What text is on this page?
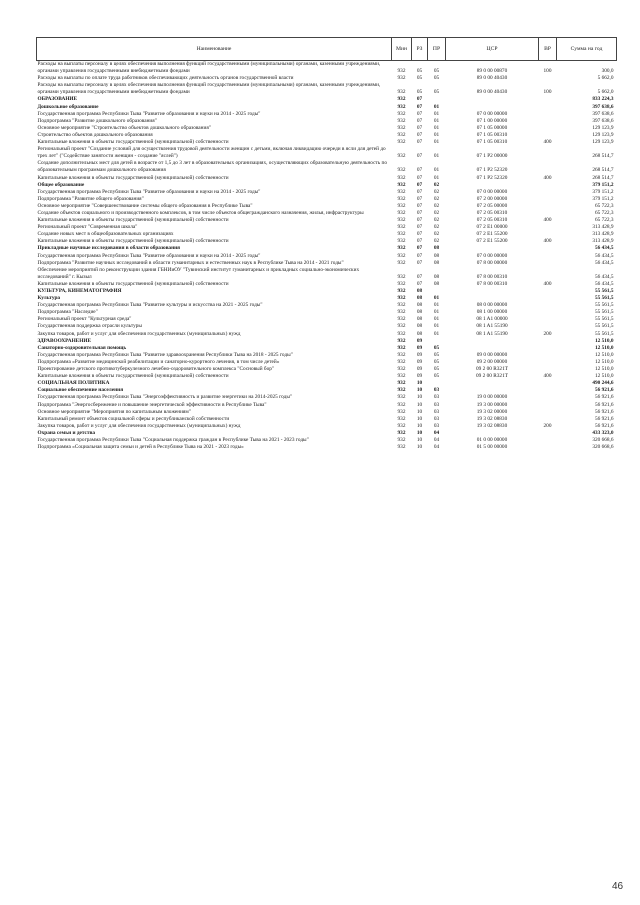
Наименование	Мин	РЗ	ПР	ЦСР	ВР	Сумма на год
Расходы на выплаты персоналу в целях обеспечения выполнения функций государственными (муниципальными) органами, казенными учреждениями, органами управления государственными внебюджетными фондами	932	05	05	89 0 00 00870	100	300,0
Расходы на выплаты по оплате труда работников обеспечивающих деятельность органов государственной власти	932	05	05	89 0 00 40430		5 662,0
Расходы на выплаты персоналу в целях обеспечения выполнения функций государственными (муниципальными) органами, казенными учреждениями, органами управления государственными внебюджетными фондами	932	05	05	89 0 00 40430	100	5 662,0
ОБРАЗОВАНИЕ	932	07				833 224,3
Дошкольное образование	932	07	01			397 638,6
Государственная программа Республики Тыва "Развитие образования и науки на 2014 - 2025 годы"	932	07	01	07 0 00 00000		397 638,6
Подпрограмма "Развитие дошкольного образования"	932	07	01	07 1 00 00000		397 638,6
Основное мероприятие "Строительство объектов дошкольного образования"	932	07	01	07 1 05 00000		129 123,9
Строительство объектов дошкольного образования	932	07	01	07 1 05 00310		129 123,9
Капитальные вложения в объекты государственной (муниципальной) собственности	932	07	01	07 1 05 00310	400	129 123,9
Региональный проект "Создание условий для осуществления трудовой деятельности женщин с детьми, включая ликвидацию очереди в ясли для детей до трех лет" ("Содействие занятости женщин - создание "яслей")	932	07	01	07 1 P2 00000		268 514,7
Создание дополнительных мест для детей в возрасте от 1,5 до 3 лет в образовательных организациях, осуществляющих образовательную деятельность по образовательным программам дошкольного образования	932	07	01	07 1 P2 52320		268 514,7
Капитальные вложения в объекты государственной (муниципальной) собственности	932	07	01	07 1 P2 52320	400	268 514,7
Общее образование	932	07	02			379 151,2
Государственная программа Республики Тыва "Развитие образования и науки на 2014 - 2025 годы"	932	07	02	07 0 00 00000		379 151,2
Подпрограмма "Развитие общего образования"	932	07	02	07 2 00 00000		379 151,2
Основное мероприятие "Совершенствование системы общего образования в Республике Тыва"	932	07	02	07 2 05 00000		65 722,3
Создание объектов социального и производственного комплексов, в том числе объектов общегражданского назначения, жилья, инфраструктуры	932	07	02	07 2 05 00310		65 722,3
Капитальные вложения в объекты государственной (муниципальной) собственности	932	07	02	07 2 05 00310	400	65 722,3
Региональный проект "Современная школа"	932	07	02	07 2 E1 00000		313 428,9
Создание новых мест в общеобразовательных организациях	932	07	02	07 2 E1 55200		313 428,9
Капитальные вложения в объекты государственной (муниципальной) собственности	932	07	02	07 2 E1 55200	400	313 428,9
Прикладные научные исследования в области образования	932	07	08			56 434,5
Государственная программа Республики Тыва "Развитие образования и науки на 2014 - 2025 годы"	932	07	08	07 0 00 00000		56 434,5
Подпрограмма "Развитие научных исследований в области гуманитарных и естественных наук в Республике Тыва на 2014 - 2021 годы"	932	07	08	07 8 00 00000		56 434,5
Обеспечение мероприятий по реконструкции здания ГБНИиОУ "Тувинский институт гуманитарных и прикладных социально-экономических исследований" г. Кызыл	932	07	08	07 8 00 00310		56 434,5
Капитальные вложения в объекты государственной (муниципальной) собственности	932	07	08	07 8 00 00310	400	56 434,5
КУЛЬТУРА, КИНЕМАТОГРАФИЯ	932	08				55 561,5
Культура	932	08	01			55 561,5
Государственная программа Республики Тыва "Развитие культуры и искусства на 2021 - 2025 годы"	932	08	01	08 0 00 00000		55 561,5
Подпрограмма "Наследие"	932	08	01	08 1 00 00000		55 561,5
Региональный проект "Культурная среда"	932	08	01	08 1 A1 00000		55 561,5
Государственная поддержка отрасли культуры	932	08	01	08 1 A1 55190		55 561,5
Закупка товаров, работ и услуг для обеспечения государственных (муниципальных) нужд	932	08	01	08 1 A1 55190	200	55 561,5
ЗДРАВООХРАНЕНИЕ	932	09				12 510,0
Санаторно-оздоровительная помощь	932	09	05			12 510,0
Государственная программа Республики Тыва "Развитие здравоохранения Республики Тыва на 2018 - 2025 годы"	932	09	05	09 0 00 00000		12 510,0
Подпрограмма «Развитие медицинской реабилитации и санаторно-курортного лечения, в том числе детей»	932	09	05	09 2 00 00000		12 510,0
Проектирование детского противотуберкулезного лечебно-оздоровительного комплекса "Сосновый бор"	932	09	05	09 2 00 R321T		12 510,0
Капитальные вложения в объекты государственной (муниципальной) собственности	932	09	05	09 2 00 R321T	400	12 510,0
СОЦИАЛЬНАЯ ПОЛИТИКА	932	10				490 244,6
Социальное обеспечение населения	932	10	03			56 921,6
Государственная программа Республики Тыва "Энергоэффективность и развитие энергетики на 2014-2025 годы"	932	10	03	19 0 00 00000		56 921,6
Подпрограмма "Энергосбережение и повышение энергетической эффективности в Республике Тыва"	932	10	03	19 3 00 00000		56 921,6
Основное мероприятие "Мероприятия по капитальным вложениям"	932	10	03	19 3 02 00000		56 921,6
Капитальный ремонт объектов социальной сферы и республиканской собственности	932	10	03	19 3 02 08830		56 921,6
Закупка товаров, работ и услуг для обеспечения государственных (муниципальных) нужд	932	10	03	19 3 02 08830	200	56 921,6
Охрана семьи и детства	932	10	04			433 323,0
Государственная программа Республики Тыва "Социальная поддержка граждан в Республике Тыва на 2021 - 2023 годы"	932	10	04	01 0 00 00000		320 668,6
Подпрограмма «Социальная защита семьи и детей в Республике Тыва на 2021 - 2023 годы»	932	10	04	01 5 00 00000		320 668,6
46
